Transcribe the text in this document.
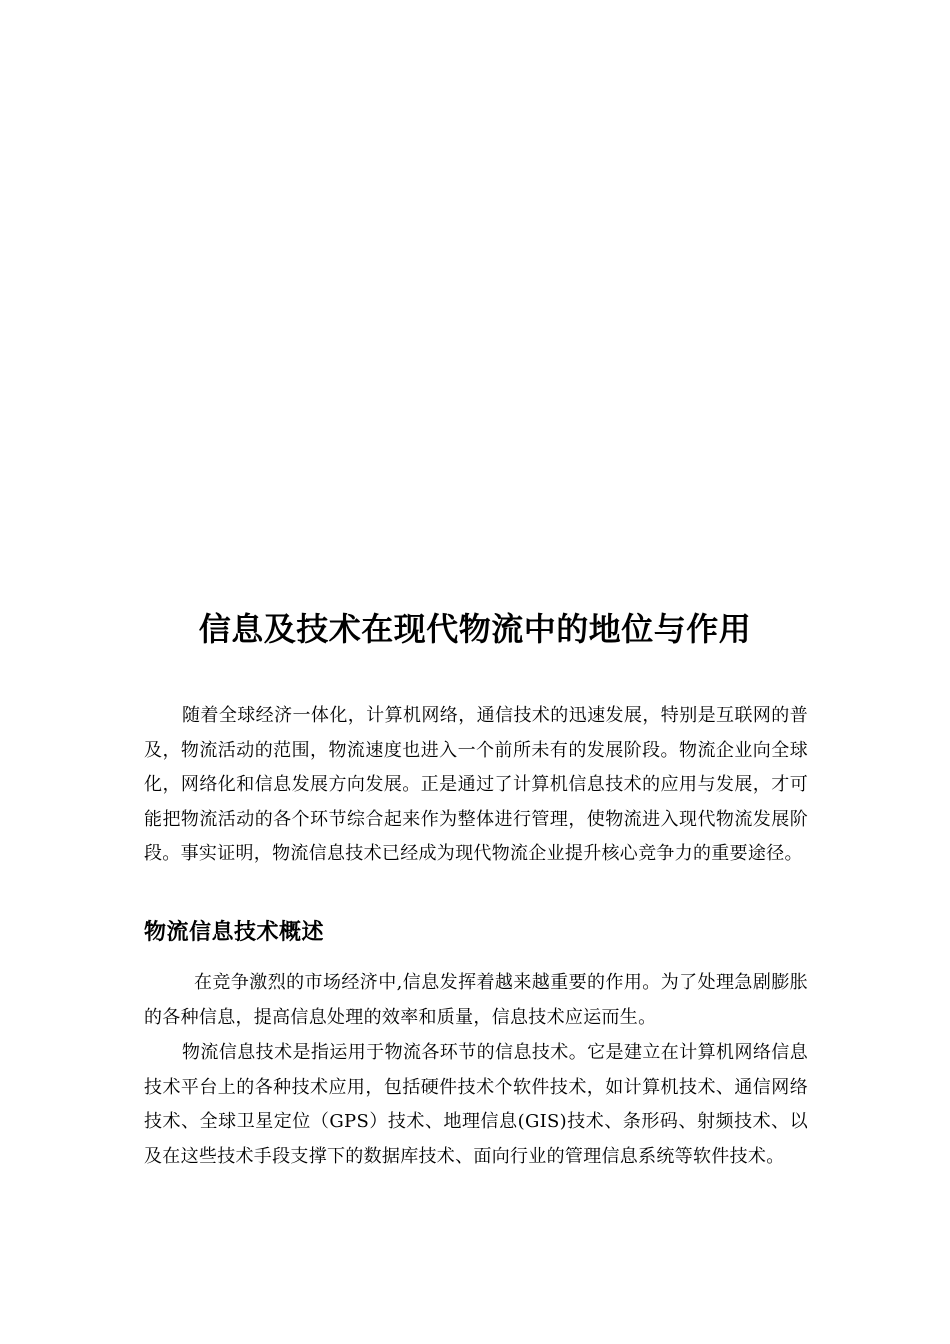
信息及技术在现代物流中的地位与作用

随着全球经济一体化，计算机网络，通信技术的迅速发展，特别是互联网的普及，物流活动的范围，物流速度也进入一个前所未有的发展阶段。物流企业向全球化，网络化和信息发展方向发展。正是通过了计算机信息技术的应用与发展，才可能把物流活动的各个环节综合起来作为整体进行管理，使物流进入现代物流发展阶段。事实证明，物流信息技术已经成为现代物流企业提升核心竞争力的重要途径。

物流信息技术概述

在竞争激烈的市场经济中,信息发挥着越来越重要的作用。为了处理急剧膨胀的各种信息，提高信息处理的效率和质量，信息技术应运而生。

物流信息技术是指运用于物流各环节的信息技术。它是建立在计算机网络信息技术平台上的各种技术应用，包括硬件技术个软件技术，如计算机技术、通信网络技术、全球卫星定位（GPS）技术、地理信息(GIS)技术、条形码、射频技术、以及在这些技术手段支撑下的数据库技术、面向行业的管理信息系统等软件技术。
